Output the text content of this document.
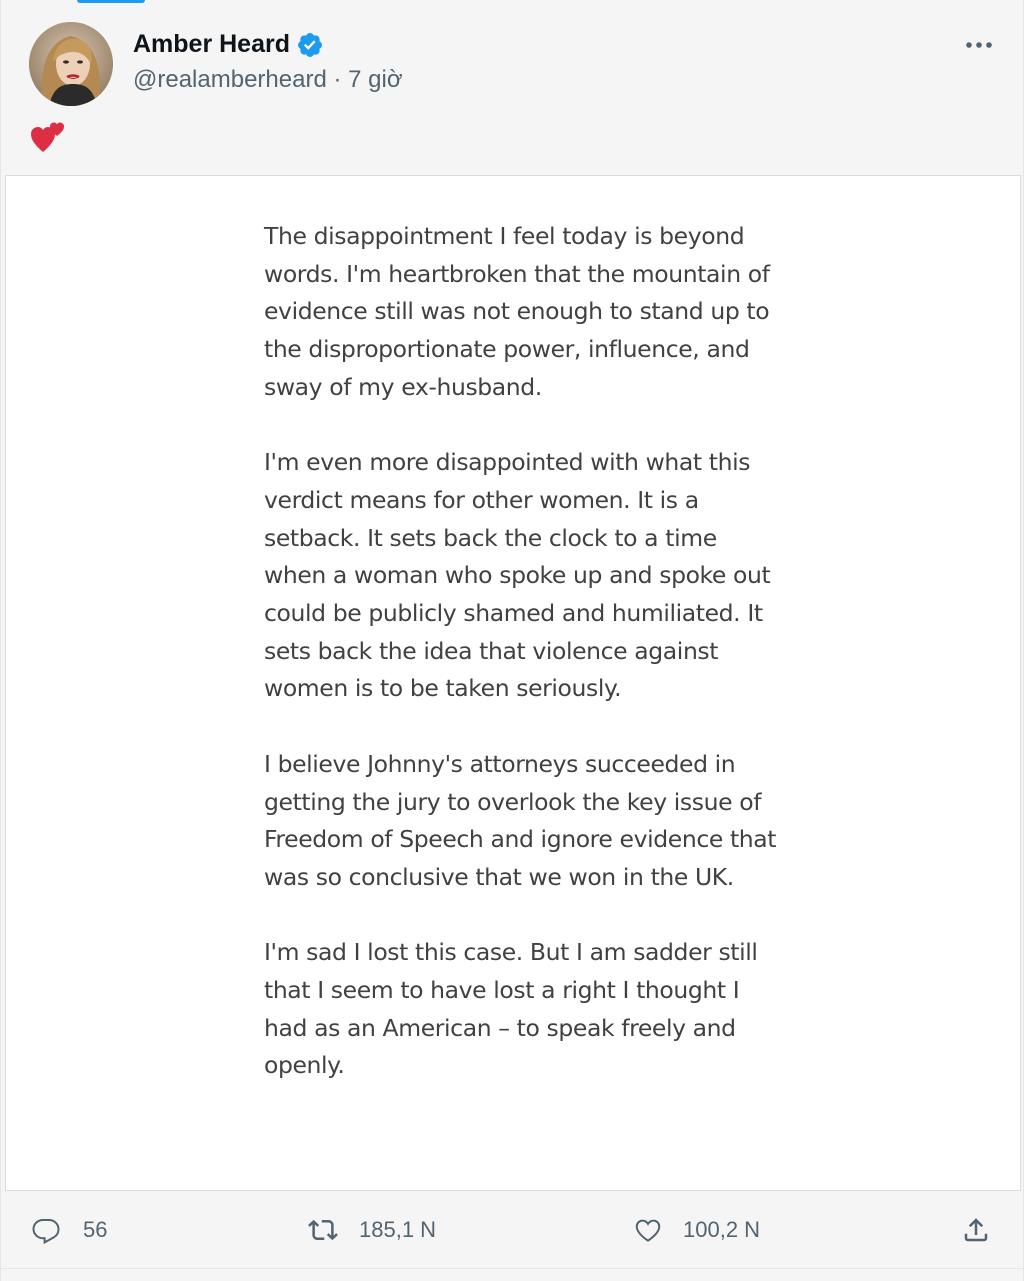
Amber Heard
@realamberheard · 7 giờ

The disappointment I feel today is beyond words. I'm heartbroken that the mountain of evidence still was not enough to stand up to the disproportionate power, influence, and sway of my ex-husband.

I'm even more disappointed with what this verdict means for other women. It is a setback. It sets back the clock to a time when a woman who spoke up and spoke out could be publicly shamed and humiliated. It sets back the idea that violence against women is to be taken seriously.

I believe Johnny's attorneys succeeded in getting the jury to overlook the key issue of Freedom of Speech and ignore evidence that was so conclusive that we won in the UK.

I'm sad I lost this case. But I am sadder still that I seem to have lost a right I thought I had as an American – to speak freely and openly.

56	185,1 N	100,2 N
